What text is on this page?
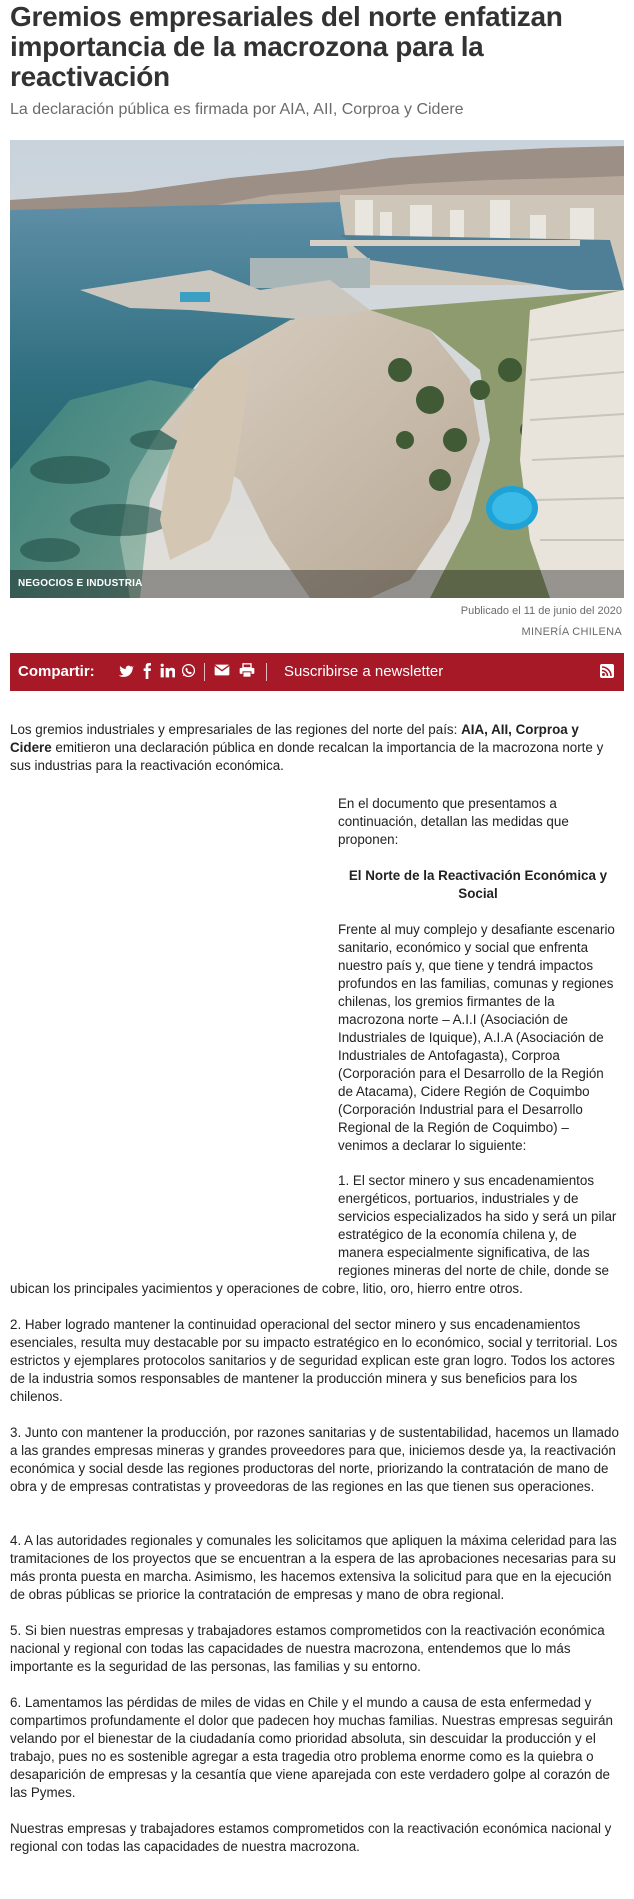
Gremios empresariales del norte enfatizan importancia de la macrozona para la reactivación

La declaración pública es firmada por AIA, AII, Corproa y Cidere

NEGOCIOS E INDUSTRIA
Publicado el 11 de junio del 2020
MINERÍA CHILENA
Compartir:	Suscribirse a newsletter

Los gremios industriales y empresariales de las regiones del norte del país: AIA, AII, Corproa y Cidere emitieron una declaración pública en donde recalcan la importancia de la macrozona norte y sus industrias para la reactivación económica.

En el documento que presentamos a continuación, detallan las medidas que proponen:
El Norte de la Reactivación Económica y Social
Frente al muy complejo y desafiante escenario sanitario, económico y social que enfrenta nuestro país y, que tiene y tendrá impactos profundos en las familias, comunas y regiones chilenas, los gremios firmantes de la macrozona norte – A.I.I (Asociación de Industriales de Iquique), A.I.A (Asociación de Industriales de Antofagasta), Corproa (Corporación para el Desarrollo de la Región de Atacama), Cidere Región de Coquimbo (Corporación Industrial para el Desarrollo Regional de la Región de Coquimbo) – venimos a declarar lo siguiente:
1. El sector minero y sus encadenamientos energéticos, portuarios, industriales y de servicios especializados ha sido y será un pilar estratégico de la economía chilena y, de manera especialmente significativa, de las regiones mineras del norte de chile, donde se
ubican los principales yacimientos y operaciones de cobre, litio, oro, hierro entre otros.
2. Haber logrado mantener la continuidad operacional del sector minero y sus encadenamientos esenciales, resulta muy destacable por su impacto estratégico en lo económico, social y territorial. Los estrictos y ejemplares protocolos sanitarios y de seguridad explican este gran logro. Todos los actores de la industria somos responsables de mantener la producción minera y sus beneficios para los chilenos.
3. Junto con mantener la producción, por razones sanitarias y de sustentabilidad, hacemos un llamado a las grandes empresas mineras y grandes proveedores para que, iniciemos desde ya, la reactivación económica y social desde las regiones productoras del norte, priorizando la contratación de mano de obra y de empresas contratistas y proveedoras de las regiones en las que tienen sus operaciones.
4. A las autoridades regionales y comunales les solicitamos que apliquen la máxima celeridad para las tramitaciones de los proyectos que se encuentran a la espera de las aprobaciones necesarias para su más pronta puesta en marcha. Asimismo, les hacemos extensiva la solicitud para que en la ejecución de obras públicas se priorice la contratación de empresas y mano de obra regional.
5. Si bien nuestras empresas y trabajadores estamos comprometidos con la reactivación económica nacional y regional con todas las capacidades de nuestra macrozona, entendemos que lo más importante es la seguridad de las personas, las familias y su entorno.
6. Lamentamos las pérdidas de miles de vidas en Chile y el mundo a causa de esta enfermedad y compartimos profundamente el dolor que padecen hoy muchas familias. Nuestras empresas seguirán velando por el bienestar de la ciudadanía como prioridad absoluta, sin descuidar la producción y el trabajo, pues no es sostenible agregar a esta tragedia otro problema enorme como es la quiebra o desaparición de empresas y la cesantía que viene aparejada con este verdadero golpe al corazón de las Pymes.
Nuestras empresas y trabajadores estamos comprometidos con la reactivación económica nacional y regional con todas las capacidades de nuestra macrozona.
